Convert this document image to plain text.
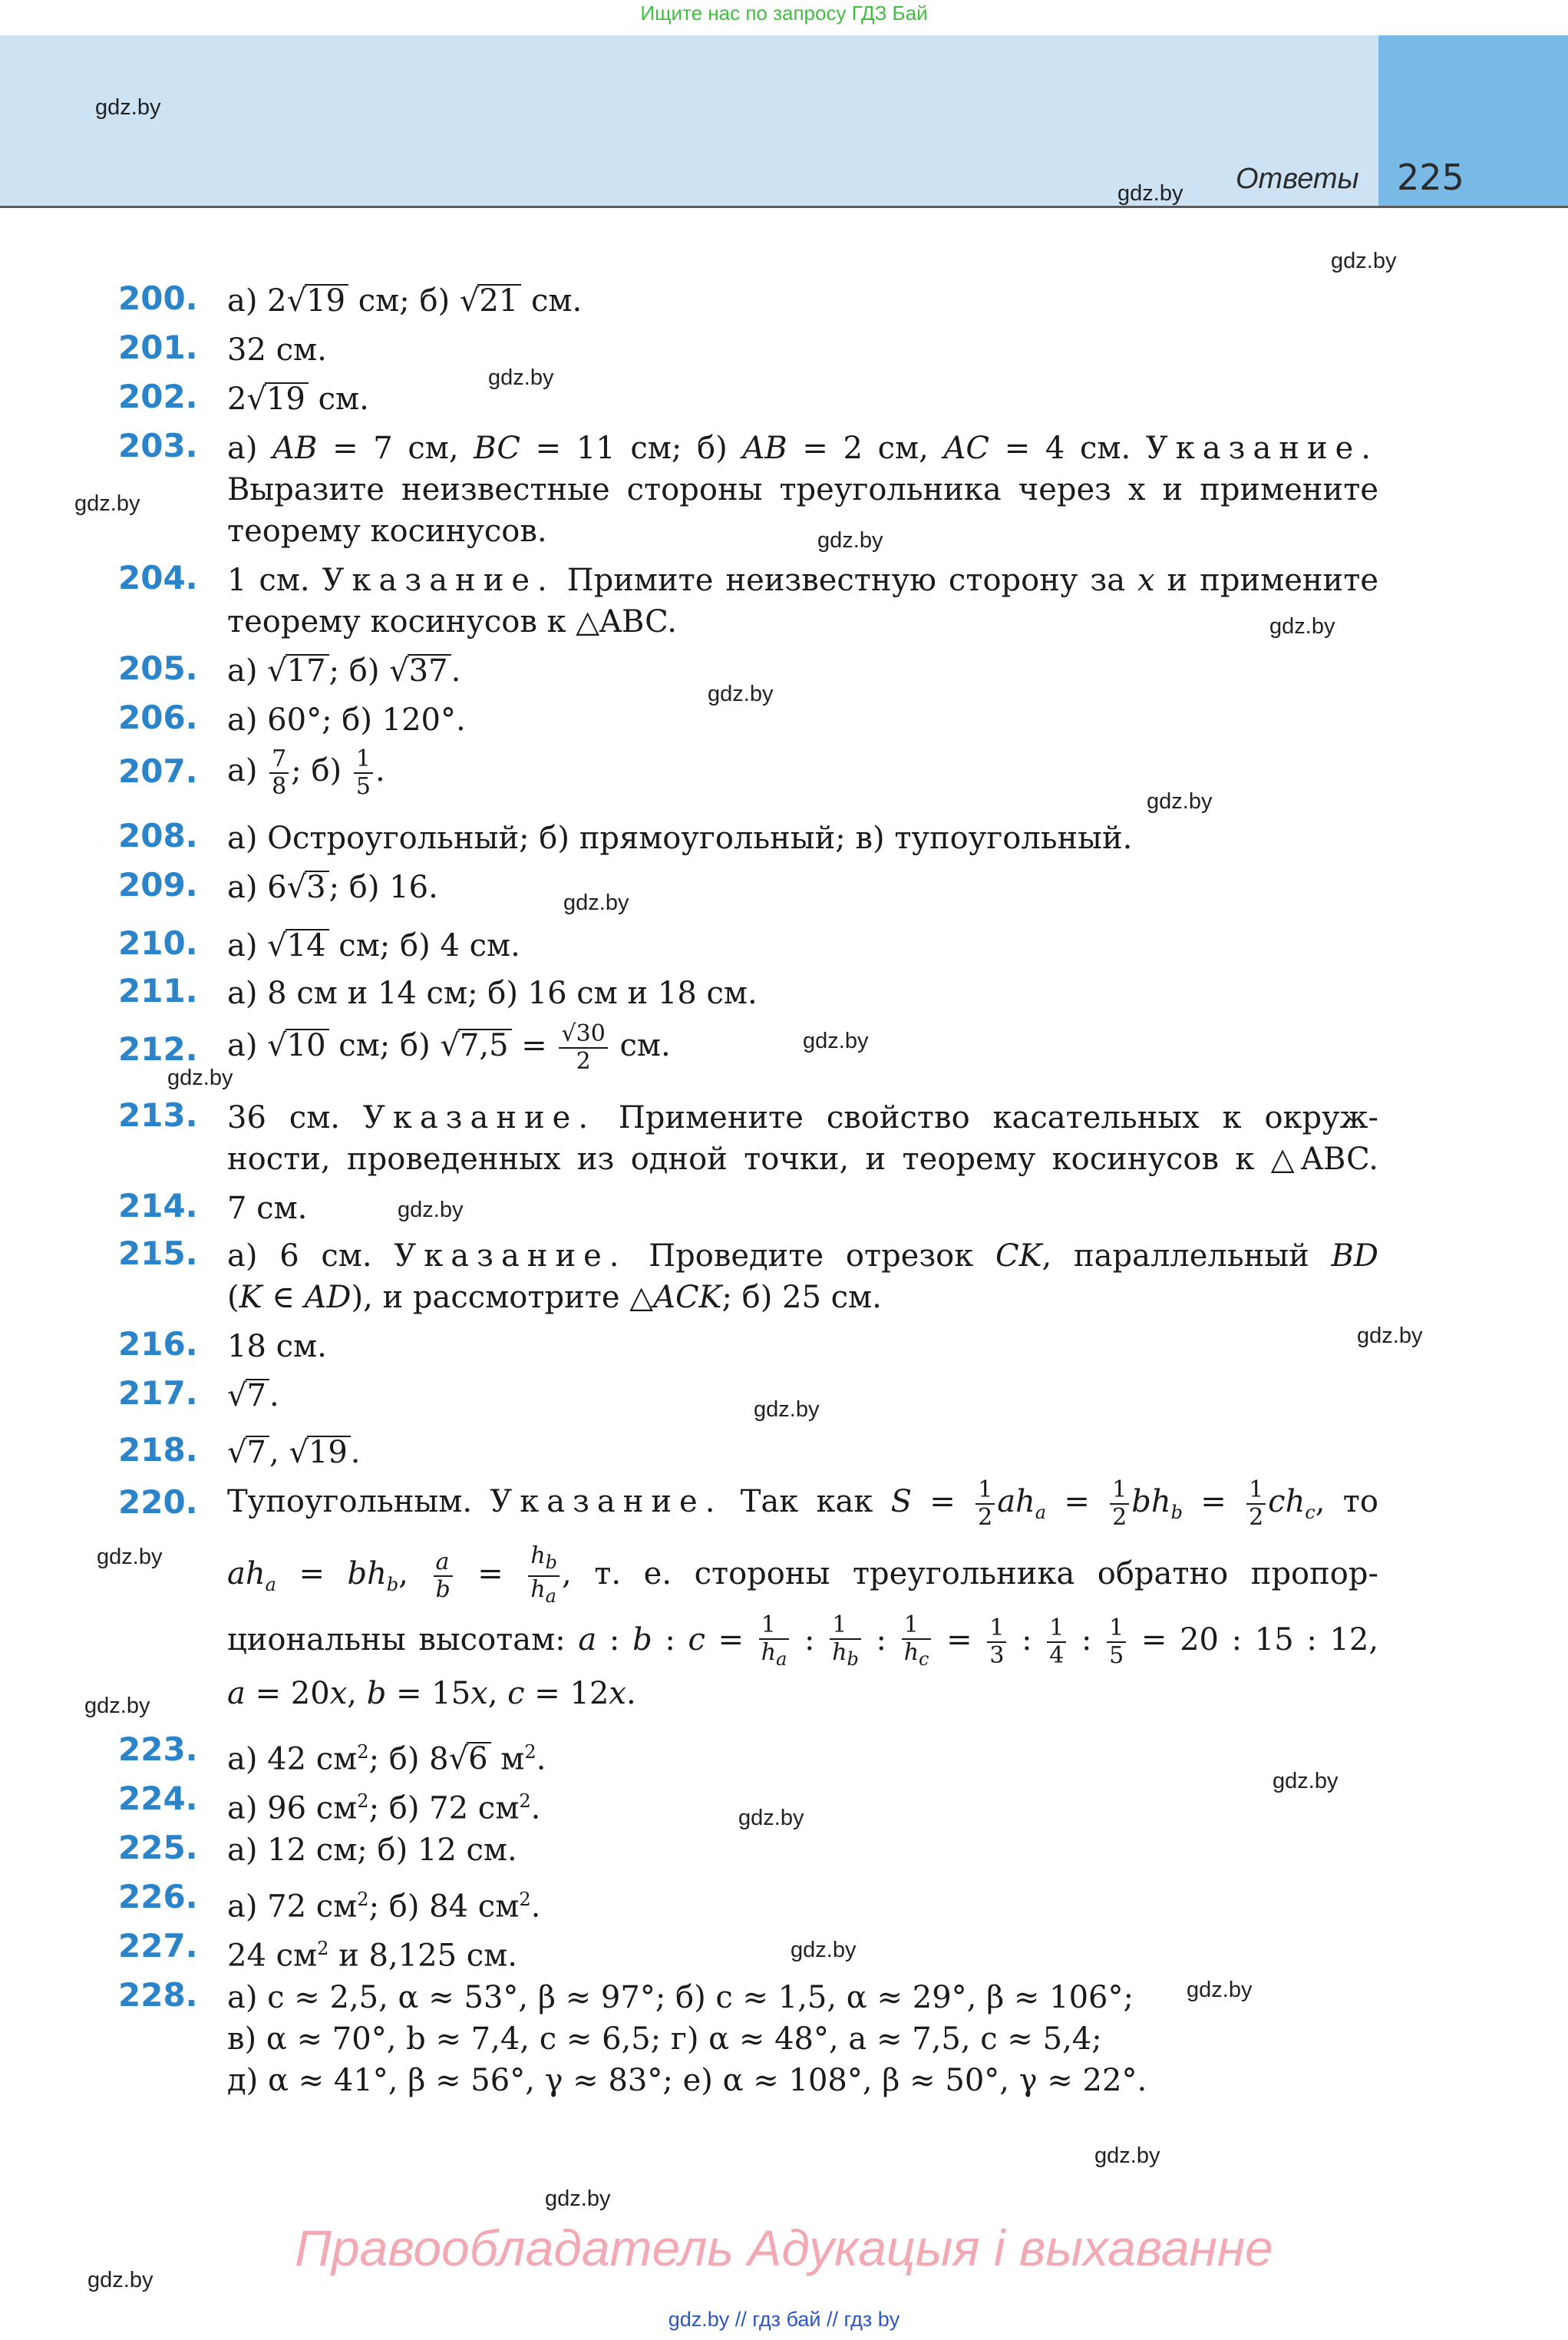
Ищите нас по запросу ГДЗ Бай
Ответы 225
gdz.by
gdz.by
gdz.by
gdz.by
gdz.by
gdz.by
gdz.by
gdz.by
gdz.by
gdz.by
gdz.by
gdz.by
gdz.by
gdz.by
gdz.by
gdz.by
gdz.by
gdz.by
gdz.by
gdz.by
gdz.by
gdz.by
gdz.by
gdz.by
200. а) 2√19 см; б) √21 см.
201. 32 см.
202. 2√19 см.
203. а) AB = 7 см, BC = 11 см; б) AB = 2 см, AC = 4 см. Указание.
Выразите неизвестные стороны треугольника через x и примените
теорему косинусов.
204. 1 см. Указание. Примите неизвестную сторону за x и примените
теорему косинусов к △ABC.
205. а) √17 ; б) √37 .
206. а) 60°; б) 120°.
207. $а) \frac{7}{8}$ ; $б) \frac{1}{5}$ .
208. а) Остроугольный; б) прямоугольный; в) тупоугольный.
209. а) 6√3 ; б) 16.
210. а) √14 см; б) 4 см.
211. а) 8 см и 14 см; б) 16 см и 18 см.
212. а) √10 см; б) $√7,5 = \frac{√30}{2}$ см.
213. 36 см. Указание. Примените свойство касательных к окруж-
ности, проведенных из одной точки, и теорему косинусов к △ABC.
214. 7 см.
215. а) 6 см. Указание. Проведите отрезок CK, параллельный BD
(K ∈ AD), и рассмотрите △ACK; б) 25 см.
216. 18 см.
217. √7 .
218. √7 , √19 .
220. Тупоугольным. Указание. Так как $S = \frac{1}{2} ah_a = \frac{1}{2} bh_b = \frac{1}{2} ch_c$, то
$ah_a = bh_b$, $\frac{a}{b} = \frac{h_b}{h_a}$ , т. е. стороны треугольника обратно пропор-
циональны высотам: a : b : $c = \frac{1}{h_a}$ : $\frac{1}{h_b}$ : $\frac{1}{h_c} = \frac{1}{3}$ : $\frac{1}{4}$ : $\frac{1}{5} = 20$ : 15 : 12,
a = 20x, b = 15x, c = 12x.
223. а) 42 $см^2$; б) 8√6 $м^2$.
224. а) 96 $см^2$; б) 72 $см^2$.
225. а) 12 см; б) 12 см.
226. а) 72 $см^2$; б) 84 $см^2$.
227. 24 $см^2$ и 8,125 см.
228. а) c ≈ 2,5, α ≈ 53°, β ≈ 97°; б) c ≈ 1,5, α ≈ 29°, β ≈ 106°;
в) α ≈ 70°, b ≈ 7,4, c ≈ 6,5; г) α ≈ 48°, a ≈ 7,5, c ≈ 5,4;
д) α ≈ 41°, β ≈ 56°, γ ≈ 83°; е) α ≈ 108°, β ≈ 50°, γ ≈ 22°.
Правообладатель Адукацыя і выхаванне
gdz.by // гдз бай // гдз by
